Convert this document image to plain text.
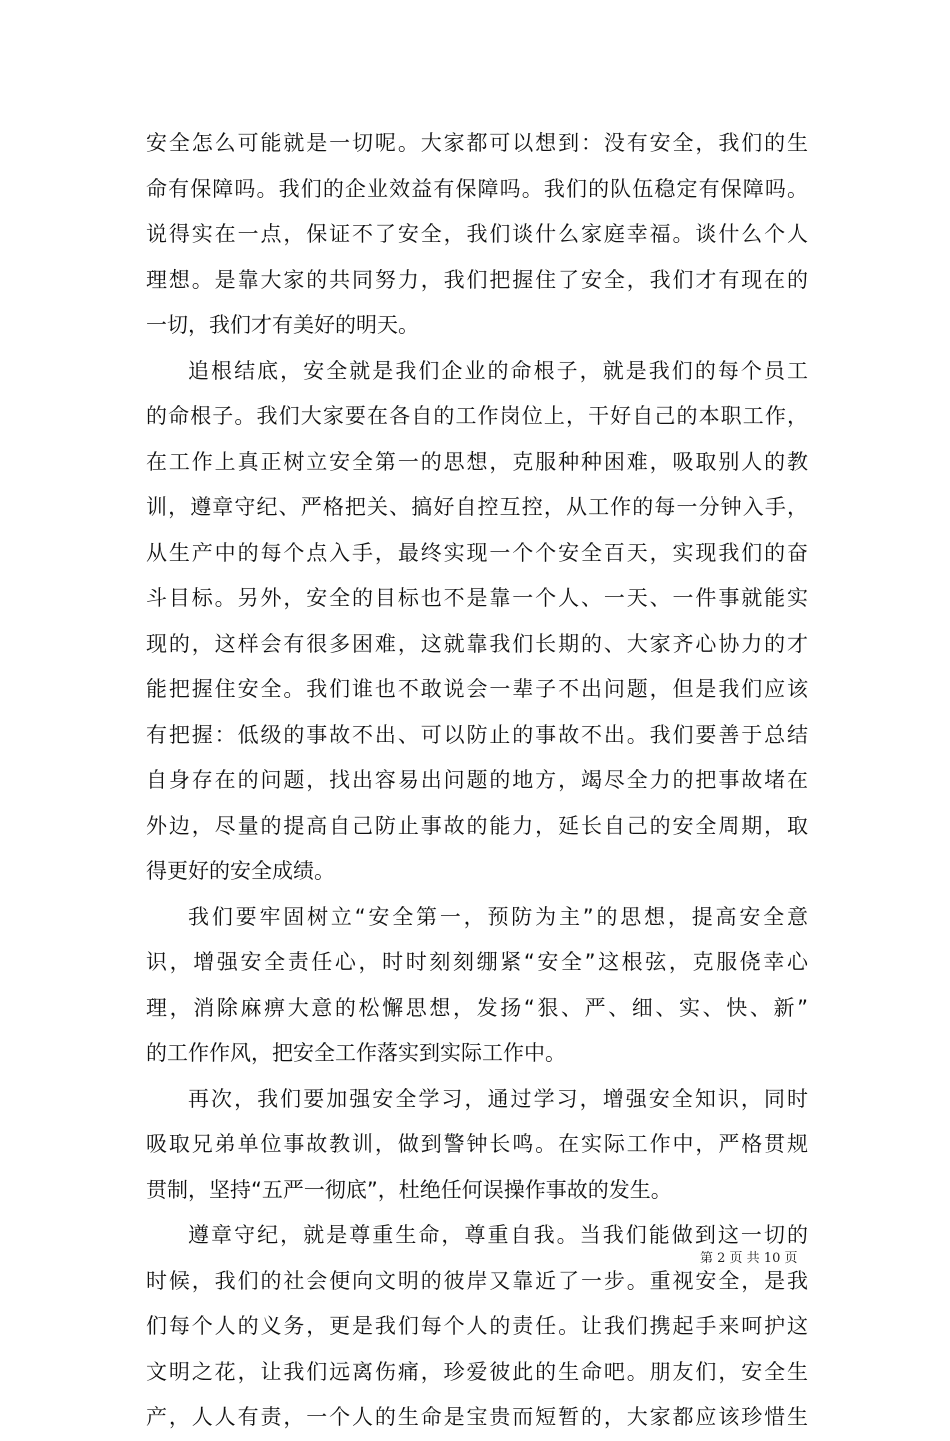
安全怎么可能就是一切呢。大家都可以想到：没有安全，我们的生
命有保障吗。我们的企业效益有保障吗。我们的队伍稳定有保障吗。
说得实在一点，保证不了安全，我们谈什么家庭幸福。谈什么个人
理想。是靠大家的共同努力，我们把握住了安全，我们才有现在的
一切，我们才有美好的明天。
追根结底，安全就是我们企业的命根子，就是我们的每个员工
的命根子。我们大家要在各自的工作岗位上，干好自己的本职工作，
在工作上真正树立安全第一的思想，克服种种困难，吸取别人的教
训，遵章守纪、严格把关、搞好自控互控，从工作的每一分钟入手，
从生产中的每个点入手，最终实现一个个安全百天，实现我们的奋
斗目标。另外，安全的目标也不是靠一个人、一天、一件事就能实
现的，这样会有很多困难，这就靠我们长期的、大家齐心协力的才
能把握住安全。我们谁也不敢说会一辈子不出问题，但是我们应该
有把握：低级的事故不出、可以防止的事故不出。我们要善于总结
自身存在的问题，找出容易出问题的地方，竭尽全力的把事故堵在
外边，尽量的提高自己防止事故的能力，延长自己的安全周期，取
得更好的安全成绩。
我们要牢固树立“安全第一，预防为主”的思想，提高安全意
识，增强安全责任心，时时刻刻绷紧“安全”这根弦，克服侥幸心
理，消除麻痹大意的松懈思想，发扬“狠、严、细、实、快、新”
的工作作风，把安全工作落实到实际工作中。
再次，我们要加强安全学习，通过学习，增强安全知识，同时
吸取兄弟单位事故教训，做到警钟长鸣。在实际工作中，严格贯规
贯制，坚持“五严一彻底”，杜绝任何误操作事故的发生。
遵章守纪，就是尊重生命，尊重自我。当我们能做到这一切的
时候，我们的社会便向文明的彼岸又靠近了一步。重视安全，是我
们每个人的义务，更是我们每个人的责任。让我们携起手来呵护这
文明之花，让我们远离伤痛，珍爱彼此的生命吧。朋友们，安全生
产，人人有责，一个人的生命是宝贵而短暂的，大家都应该珍惜生
第 2 页 共 10 页
